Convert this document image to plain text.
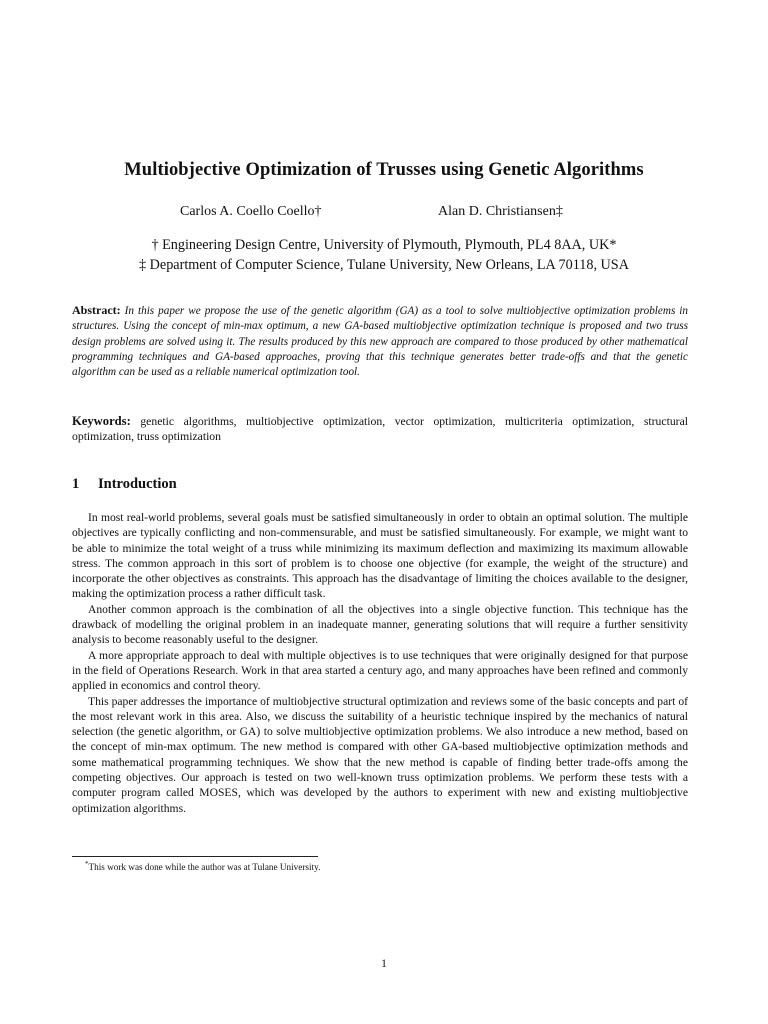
Multiobjective Optimization of Trusses using Genetic Algorithms
Carlos A. Coello Coello†	Alan D. Christiansen‡
† Engineering Design Centre, University of Plymouth, Plymouth, PL4 8AA, UK*
‡ Department of Computer Science, Tulane University, New Orleans, LA 70118, USA
Abstract: In this paper we propose the use of the genetic algorithm (GA) as a tool to solve multiobjective optimization problems in structures. Using the concept of min-max optimum, a new GA-based multiobjective optimization technique is proposed and two truss design problems are solved using it. The results produced by this new approach are compared to those produced by other mathematical programming techniques and GA-based approaches, proving that this technique generates better trade-offs and that the genetic algorithm can be used as a reliable numerical optimization tool.
Keywords: genetic algorithms, multiobjective optimization, vector optimization, multicriteria optimization, structural optimization, truss optimization
1 Introduction

In most real-world problems, several goals must be satisfied simultaneously in order to obtain an optimal solution. The multiple objectives are typically conflicting and non-commensurable, and must be satisfied simultaneously. For example, we might want to be able to minimize the total weight of a truss while minimizing its maximum deflection and maximizing its maximum allowable stress. The common approach in this sort of problem is to choose one objective (for example, the weight of the structure) and incorporate the other objectives as constraints. This approach has the disadvantage of limiting the choices available to the designer, making the optimization process a rather difficult task.

Another common approach is the combination of all the objectives into a single objective function. This technique has the drawback of modelling the original problem in an inadequate manner, generating solutions that will require a further sensitivity analysis to become reasonably useful to the designer.

A more appropriate approach to deal with multiple objectives is to use techniques that were originally designed for that purpose in the field of Operations Research. Work in that area started a century ago, and many approaches have been refined and commonly applied in economics and control theory.

This paper addresses the importance of multiobjective structural optimization and reviews some of the basic concepts and part of the most relevant work in this area. Also, we discuss the suitability of a heuristic technique inspired by the mechanics of natural selection (the genetic algorithm, or GA) to solve multiobjective optimization problems. We also introduce a new method, based on the concept of min-max optimum. The new method is compared with other GA-based multiobjective optimization methods and some mathematical programming techniques. We show that the new method is capable of finding better trade-offs among the competing objectives. Our approach is tested on two well-known truss optimization problems. We perform these tests with a computer program called MOSES, which was developed by the authors to experiment with new and existing multiobjective optimization algorithms.

*This work was done while the author was at Tulane University.
1
